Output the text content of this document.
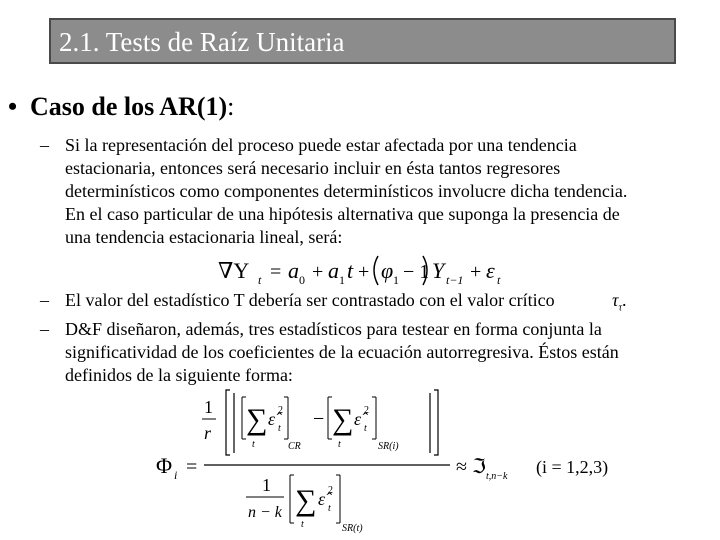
2.1. Tests de Raíz Unitaria
• Caso de los AR(1):
– Si la representación del proceso puede estar afectada por una tendencia
estacionaria, entonces será necesario incluir en ésta tantos regresores
determinísticos como componentes determinísticos involucre dicha tendencia.
En el caso particular de una hipótesis alternativa que suponga la presencia de
una tendencia estacionaria lineal, será:
∇Y t = a 0 + a 1 t + φ 1 − 1 Y t−1 + ε t
– El valor del estadístico T debería ser contrastado con el valor crítico	$\tau_\tau$.
– D&F diseñaron, además, tres estadísticos para testear en forma conjunta la
significatividad de los coeficientes de la ecuación autorregresiva. Éstos están
definidos de la siguiente forma:
Φ i =
1
r ∑
t
ε̂ t
2
CR
− ∑
t
ε̂ t
2
SR(i)
1
n − k ∑
t
ε̂ t
2
SR(t)
≈ ℑ t,n−k (i = 1,2,3)
